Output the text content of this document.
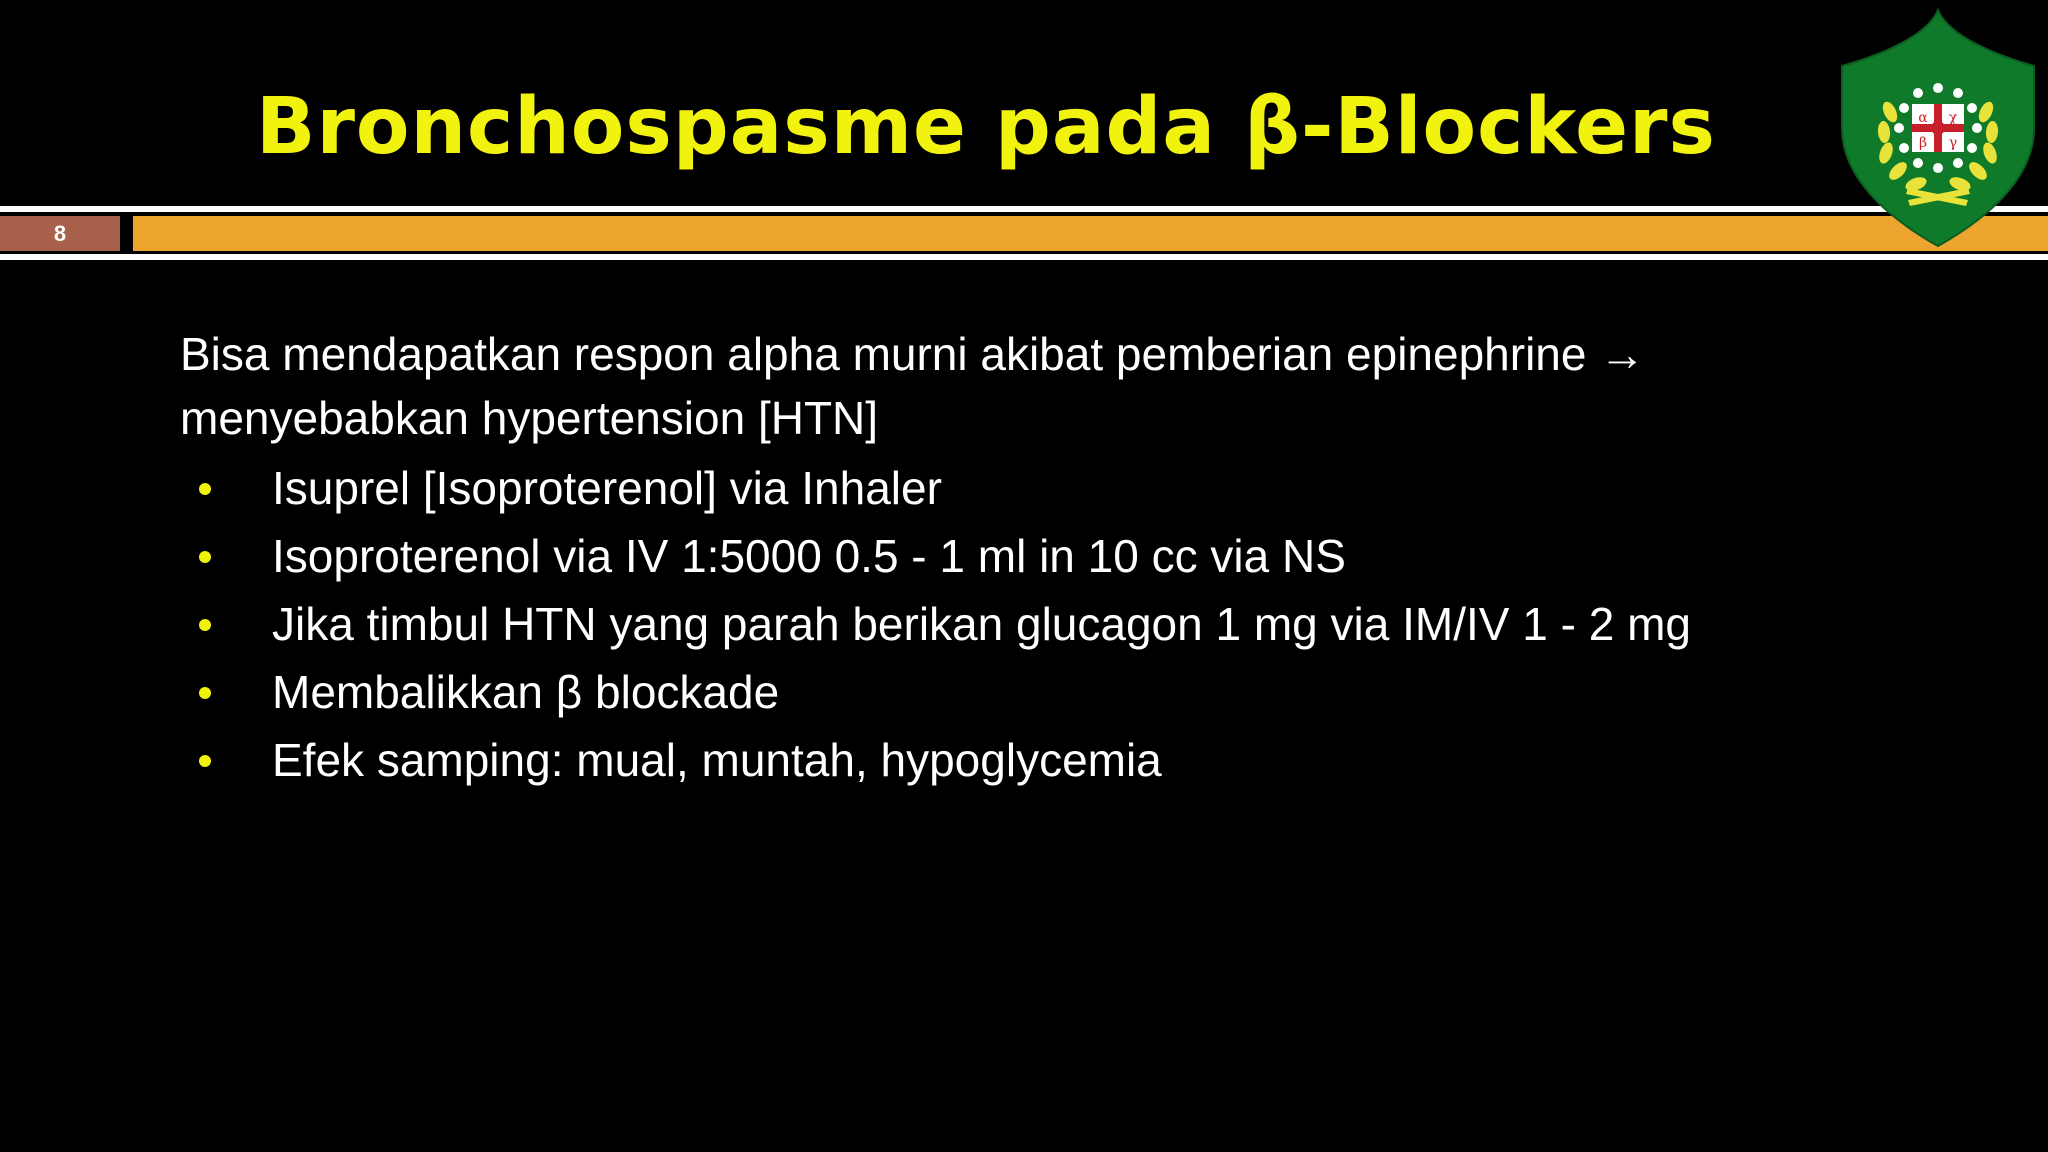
Bronchospasme pada β-Blockers
8
α χ
β γ

Bisa mendapatkan respon alpha murni akibat pemberian epinephrine →

menyebabkan hypertension [HTN]

Isuprel [Isoproterenol] via Inhaler
Isoproterenol via IV 1:5000 0.5 - 1 ml in 10 cc via NS
Jika timbul HTN yang parah berikan glucagon 1 mg via IM/IV 1 - 2 mg
Membalikkan β blockade
Efek samping: mual, muntah, hypoglycemia
